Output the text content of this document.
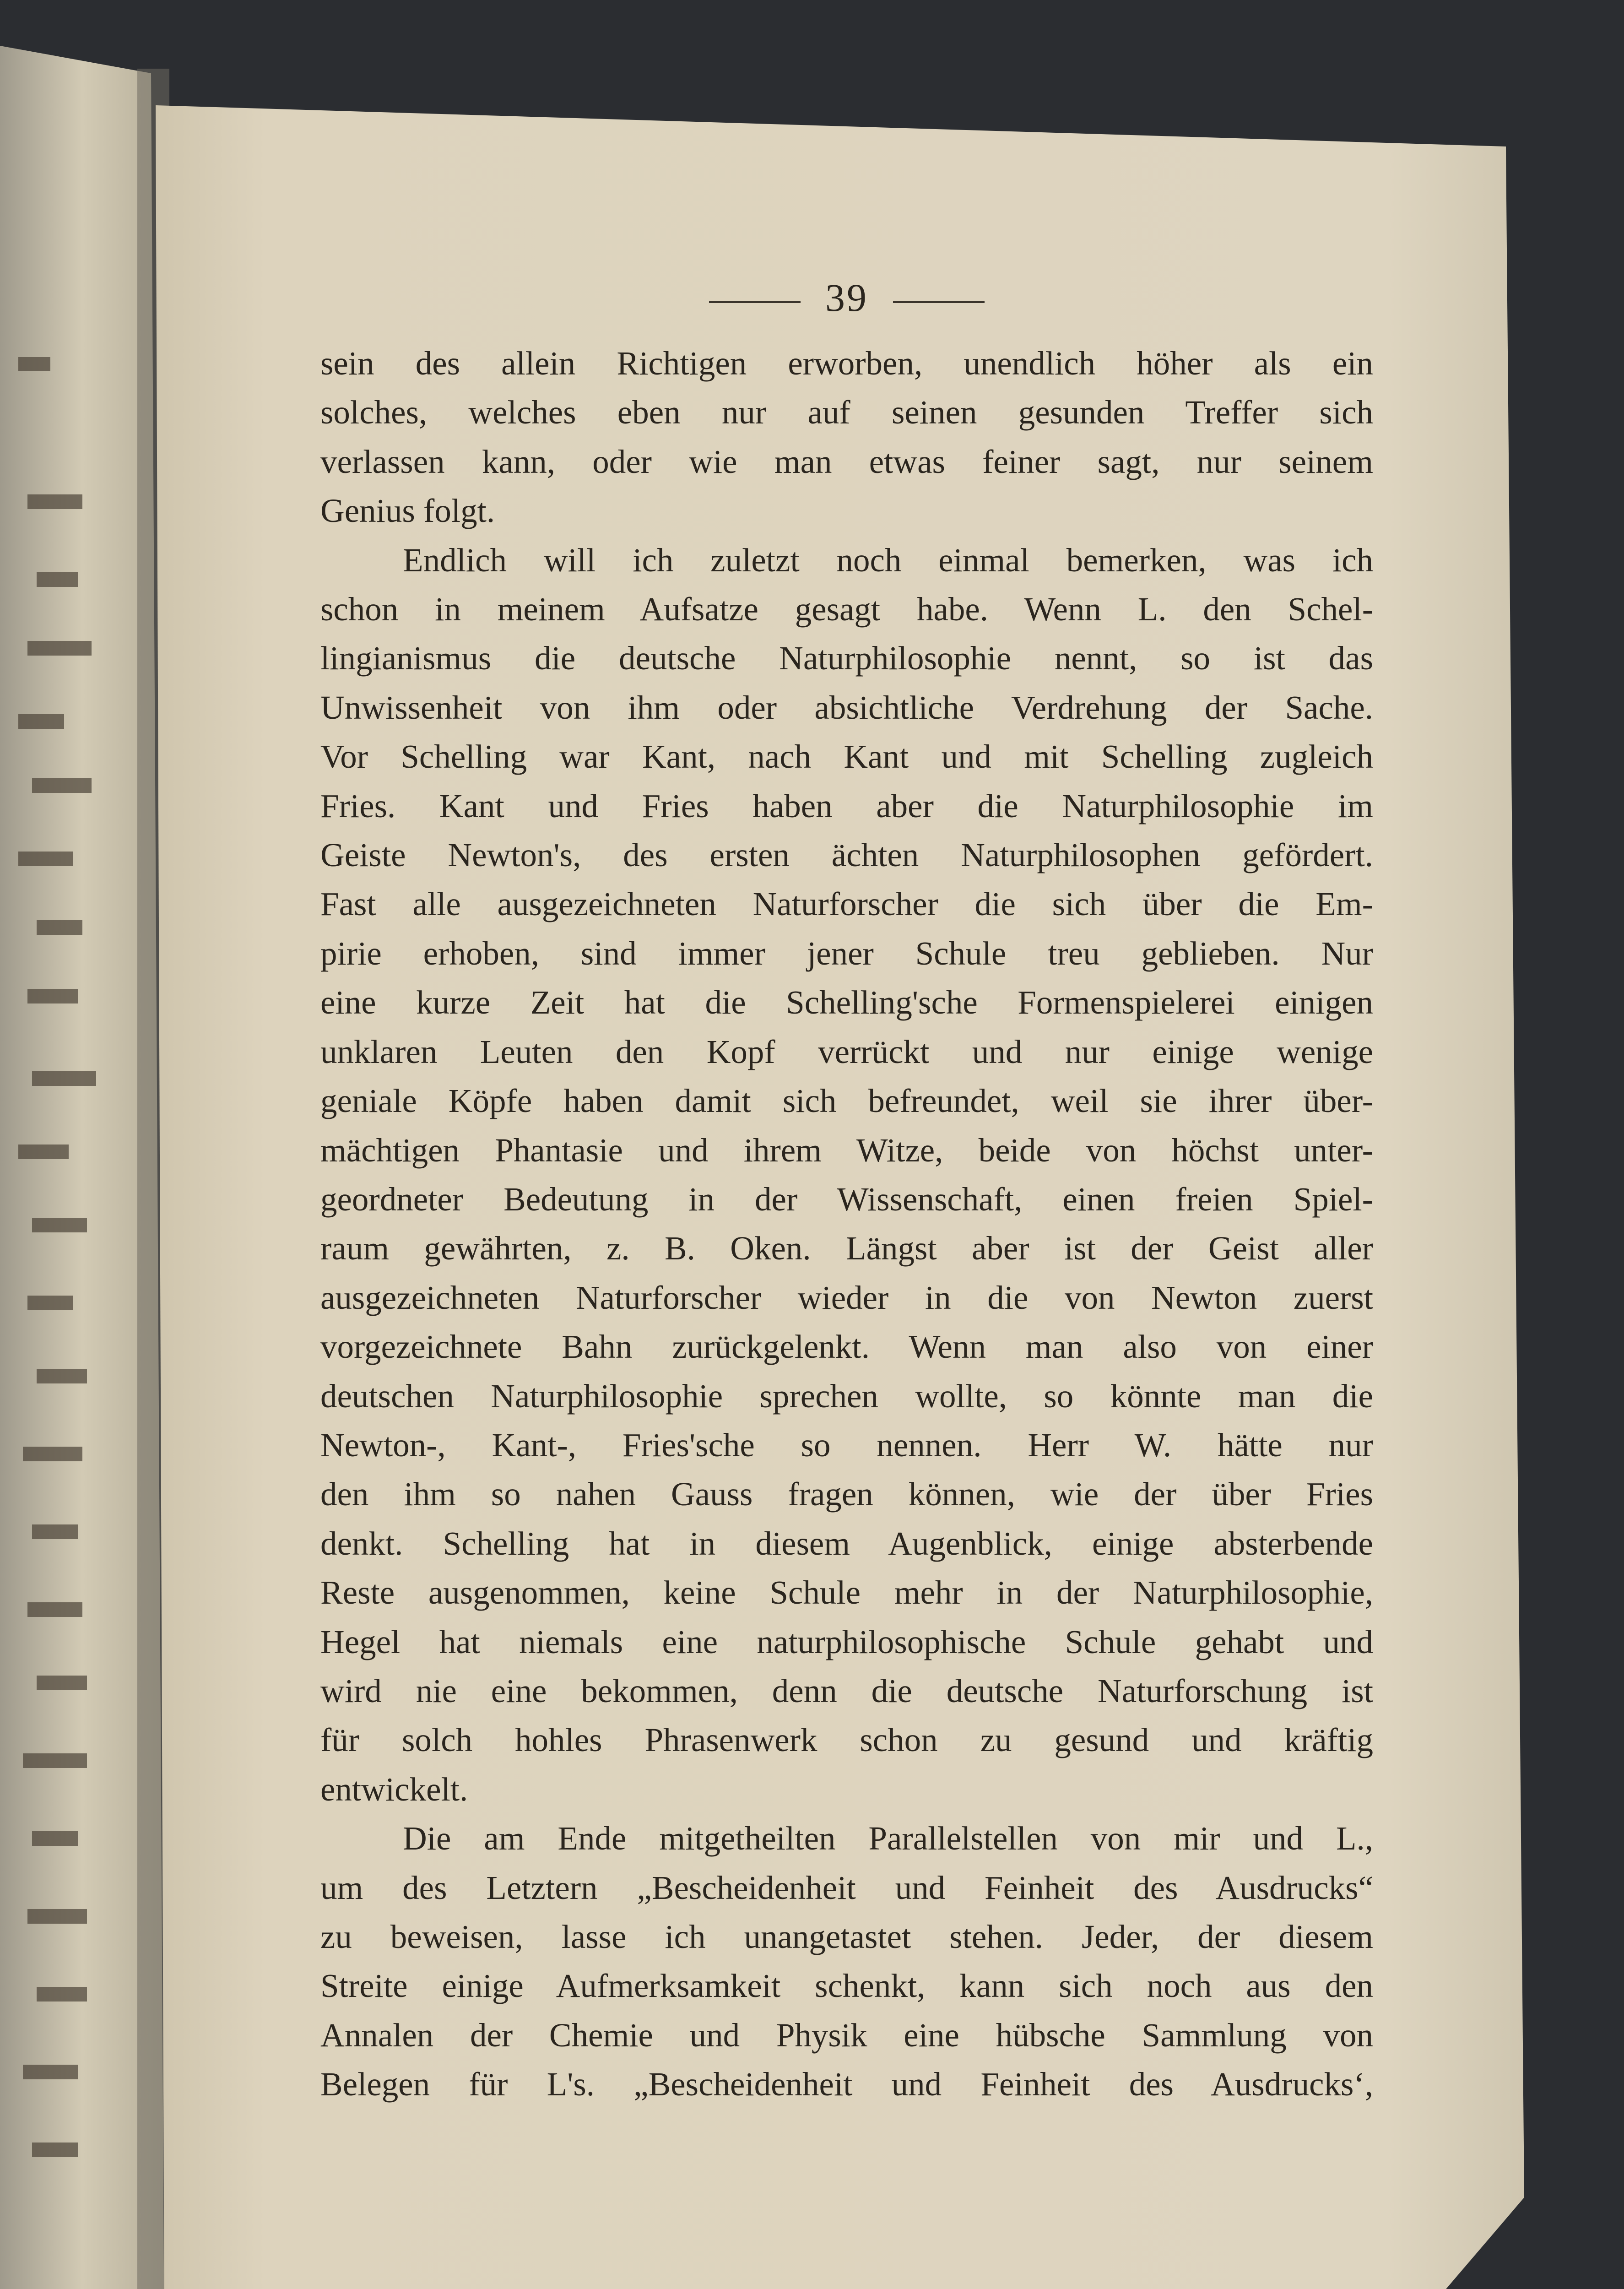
39

sein des allein Richtigen erworben, unendlich höher als ein
solches, welches eben nur auf seinen gesunden Treffer sich
verlassen kann, oder wie man etwas feiner sagt, nur seinem
Genius folgt.

Endlich will ich zuletzt noch einmal bemerken, was ich
schon in meinem Aufsatze gesagt habe. Wenn L. den Schel-
lingianismus die deutsche Naturphilosophie nennt, so ist das
Unwissenheit von ihm oder absichtliche Verdrehung der Sache.
Vor Schelling war Kant, nach Kant und mit Schelling zugleich
Fries. Kant und Fries haben aber die Naturphilosophie im
Geiste Newton's, des ersten ächten Naturphilosophen gefördert.
Fast alle ausgezeichneten Naturforscher die sich über die Em-
pirie erhoben, sind immer jener Schule treu geblieben. Nur
eine kurze Zeit hat die Schelling'sche Formenspielerei einigen
unklaren Leuten den Kopf verrückt und nur einige wenige
geniale Köpfe haben damit sich befreundet, weil sie ihrer über-
mächtigen Phantasie und ihrem Witze, beide von höchst unter-
geordneter Bedeutung in der Wissenschaft, einen freien Spiel-
raum gewährten, z. B. Oken. Längst aber ist der Geist aller
ausgezeichneten Naturforscher wieder in die von Newton zuerst
vorgezeichnete Bahn zurückgelenkt. Wenn man also von einer
deutschen Naturphilosophie sprechen wollte, so könnte man die
Newton-, Kant-, Fries'sche so nennen. Herr W. hätte nur
den ihm so nahen Gauss fragen können, wie der über Fries
denkt. Schelling hat in diesem Augenblick, einige absterbende
Reste ausgenommen, keine Schule mehr in der Naturphilosophie,
Hegel hat niemals eine naturphilosophische Schule gehabt und
wird nie eine bekommen, denn die deutsche Naturforschung ist
für solch hohles Phrasenwerk schon zu gesund und kräftig
entwickelt.

Die am Ende mitgetheilten Parallelstellen von mir und L.,
um des Letztern „Bescheidenheit und Feinheit des Ausdrucks“
zu beweisen, lasse ich unangetastet stehen. Jeder, der diesem
Streite einige Aufmerksamkeit schenkt, kann sich noch aus den
Annalen der Chemie und Physik eine hübsche Sammlung von
Belegen für L's. „Bescheidenheit und Feinheit des Ausdrucks‘,
